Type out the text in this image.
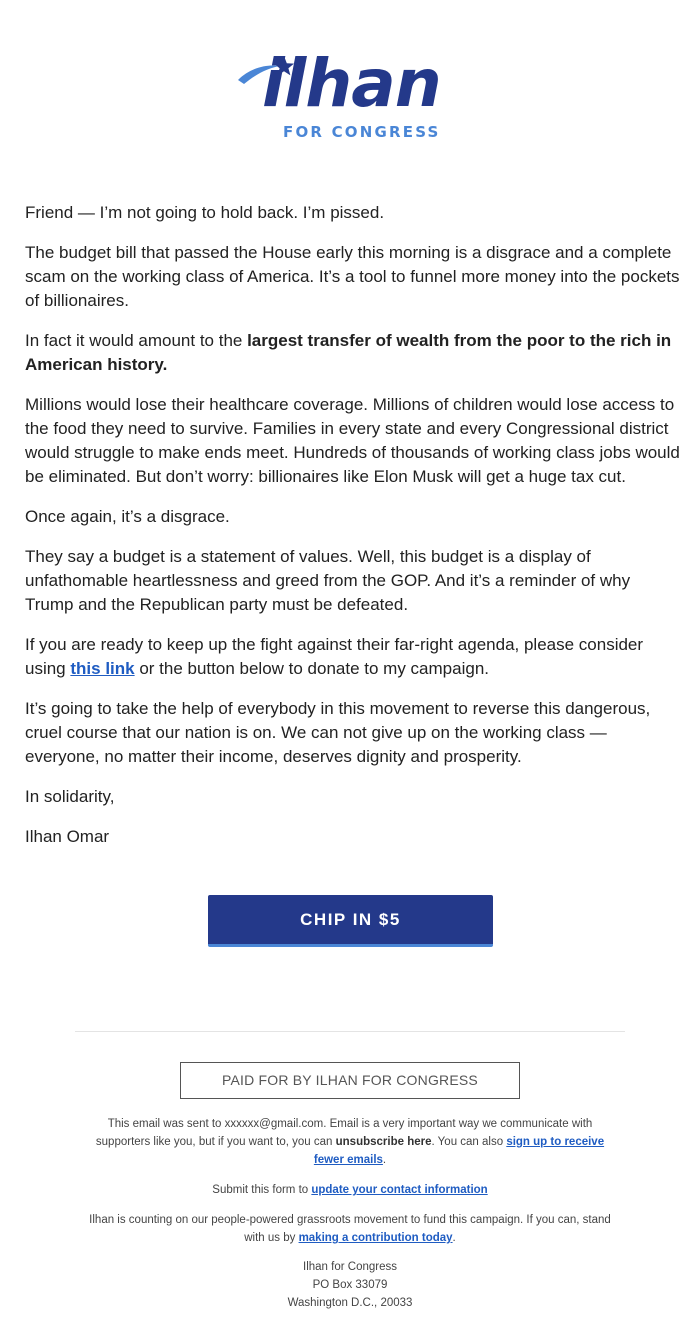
ilhan
FOR CONGRESS

Friend — I’m not going to hold back. I’m pissed.

The budget bill that passed the House early this morning is a disgrace and a complete scam on the working class of America. It’s a tool to funnel more money into the pockets of billionaires.

In fact it would amount to the largest transfer of wealth from the poor to the rich in American history.

Millions would lose their healthcare coverage. Millions of children would lose access to the food they need to survive. Families in every state and every Congressional district would struggle to make ends meet. Hundreds of thousands of working class jobs would be eliminated. But don’t worry: billionaires like Elon Musk will get a huge tax cut.

Once again, it’s a disgrace.

They say a budget is a statement of values. Well, this budget is a display of unfathomable heartlessness and greed from the GOP. And it’s a reminder of why Trump and the Republican party must be defeated.

If you are ready to keep up the fight against their far-right agenda, please consider using this link or the button below to donate to my campaign.

It’s going to take the help of everybody in this movement to reverse this dangerous, cruel course that our nation is on. We can not give up on the working class — everyone, no matter their income, deserves dignity and prosperity.

In solidarity,

Ilhan Omar

CHIP IN $5
PAID FOR BY ILHAN FOR CONGRESS
This email was sent to xxxxxx@gmail.com. Email is a very important way we communicate with supporters like you, but if you want to, you can unsubscribe here. You can also sign up to receive fewer emails.
Submit this form to update your contact information
Ilhan is counting on our people-powered grassroots movement to fund this campaign. If you can, stand with us by making a contribution today.
Ilhan for Congress
PO Box 33079
Washington D.C., 20033
